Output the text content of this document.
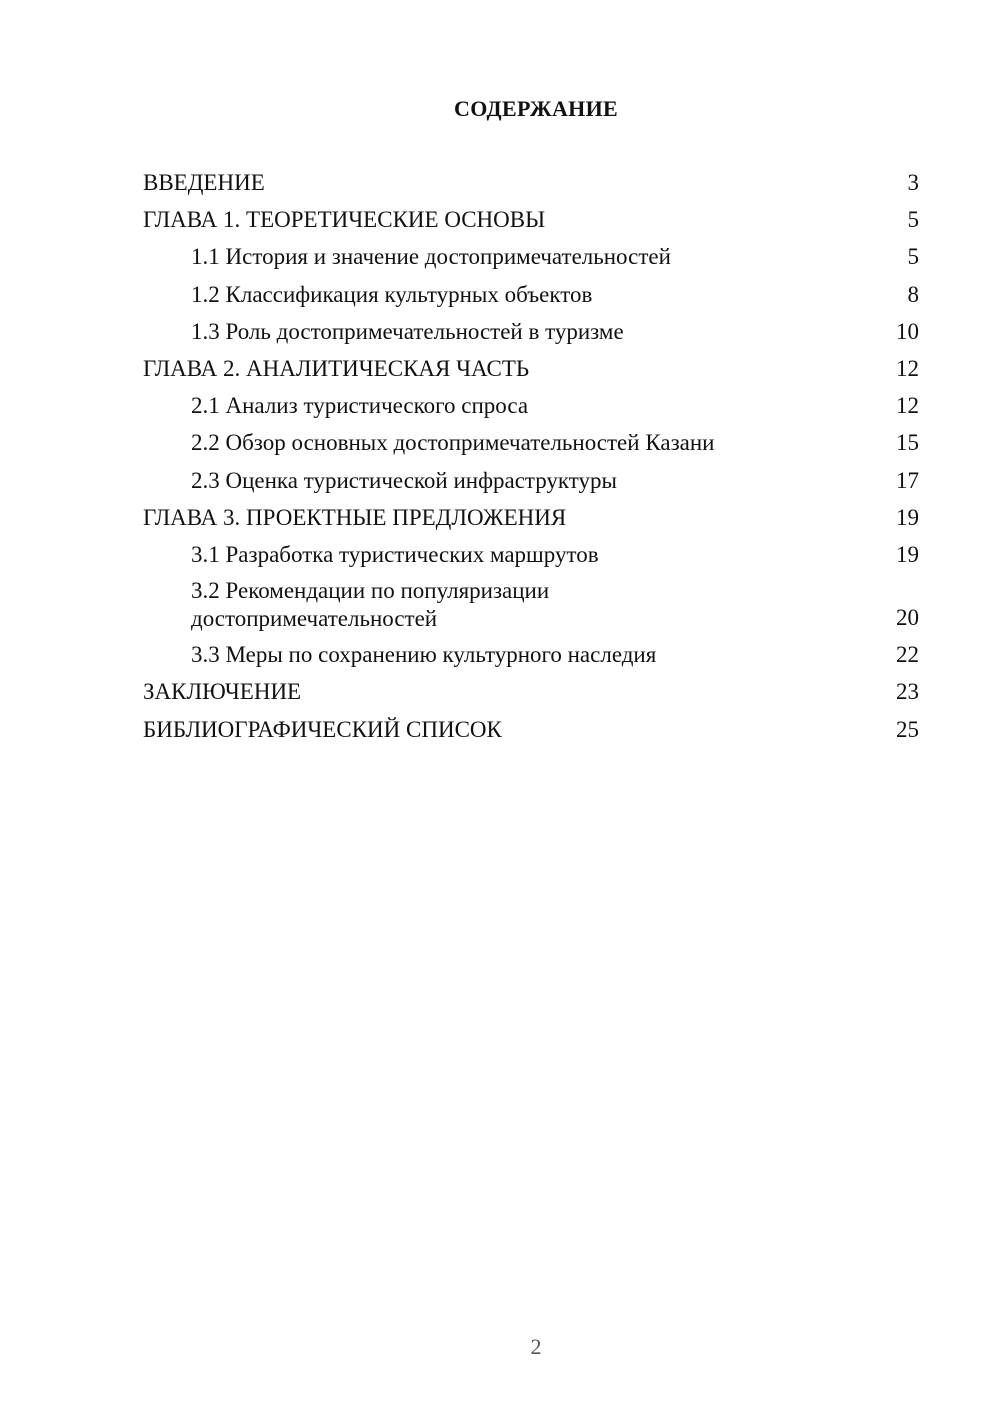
СОДЕРЖАНИЕ
ВВЕДЕНИЕ	3
ГЛАВА 1. ТЕОРЕТИЧЕСКИЕ ОСНОВЫ	5
1.1 История и значение достопримечательностей	5
1.2 Классификация культурных объектов	8
1.3 Роль достопримечательностей в туризме	10
ГЛАВА 2. АНАЛИТИЧЕСКАЯ ЧАСТЬ	12
2.1 Анализ туристического спроса	12
2.2 Обзор основных достопримечательностей Казани	15
2.3 Оценка туристической инфраструктуры	17
ГЛАВА 3. ПРОЕКТНЫЕ ПРЕДЛОЖЕНИЯ	19
3.1 Разработка туристических маршрутов	19
3.2 Рекомендации по популяризации достопримечательностей	20
3.3 Меры по сохранению культурного наследия	22
ЗАКЛЮЧЕНИЕ	23
БИБЛИОГРАФИЧЕСКИЙ СПИСОК	25
2
